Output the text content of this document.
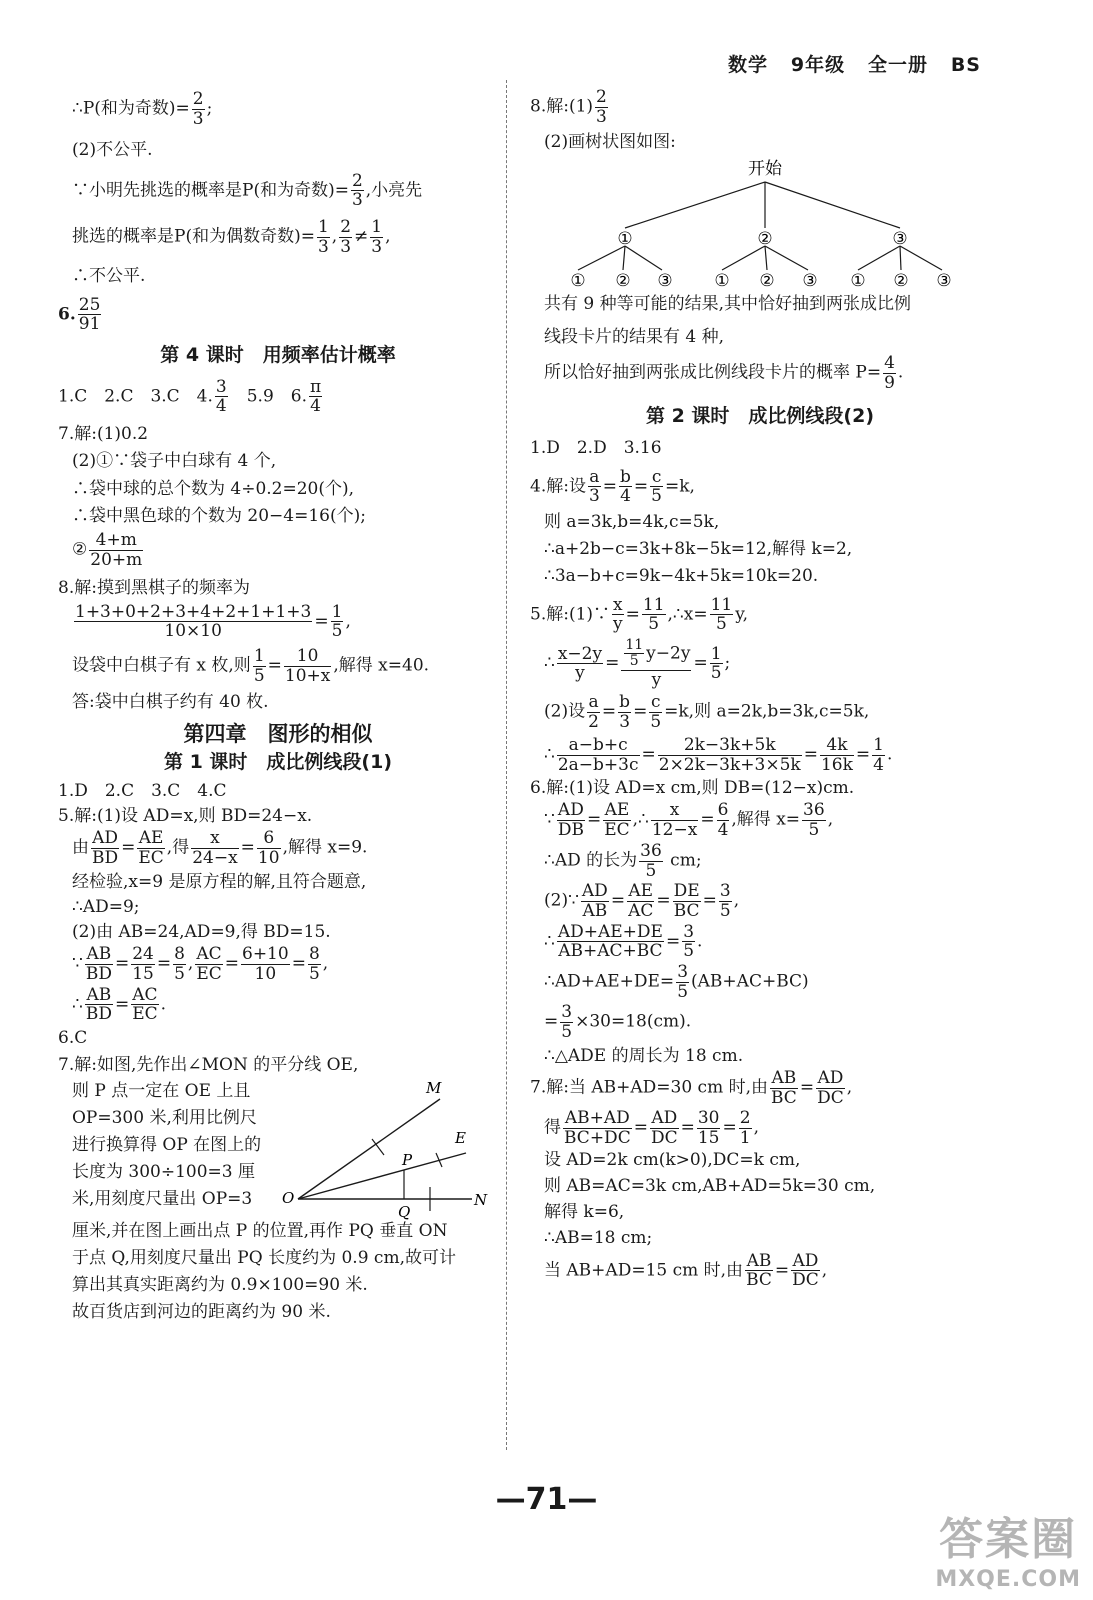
数学 9年级 全一册 BS
∴P(和为奇数)= $\frac{2}{3}$ ;
(2)不公平.
∵小明先挑选的概率是P(和为奇数)= $\frac{2}{3}$ ,小亮先
挑选的概率是P(和为偶数奇数)= $\frac{1}{3}$ , $\frac{2}{3} \ne \frac{1}{3}$ ,
∴不公平.
6. $\frac{25}{91}$
第 4 课时　用频率估计概率
1.C　2.C　3.C　4. $\frac{3}{4}$ 　5.9　6. $\frac{\pi}{4}$
7.解:(1)0.2
(2)①∵袋子中白球有 4 个,
∴袋中球的总个数为 4÷0.2=20(个),
∴袋中黑色球的个数为 20−4=16(个);
② $\frac{4+m}{20+m}$
8.解:摸到黑棋子的频率为
$\frac{1+3+0+2+3+4+2+1+1+3}{10\times 10} = \frac{1}{5}$ ,
设袋中白棋子有 x 枚,则 $\frac{1}{5} = \frac{10}{10+x}$ ,解得 x=40.
答:袋中白棋子约有 40 枚.
第四章　图形的相似
第 1 课时　成比例线段(1)
1.D　2.C　3.C　4.C
5.解:(1)设 AD=x,则 BD=24−x.
由 $\frac{AD}{BD} = \frac{AE}{EC}$ ,得 $\frac{x}{24-x} = \frac{6}{10}$ ,解得 x=9.
经检验,x=9 是原方程的解,且符合题意,
∴AD=9;
(2)由 AB=24,AD=9,得 BD=15.
∵ $\frac{AB}{BD} = \frac{24}{15} = \frac{8}{5}$ , $\frac{AC}{EC} = \frac{6+10}{10} = \frac{8}{5}$ ,
∴ $\frac{AB}{BD} = \frac{AC}{EC}$ .
6.C
7.解:如图,先作出∠MON 的平分线 OE,
则 P 点一定在 OE 上且
OP=300 米,利用比例尺
进行换算得 OP 在图上的
长度为 300÷100=3 厘
米,用刻度尺量出 OP=3
M
E
P
O
Q
N
厘米,并在图上画出点 P 的位置,再作 PQ 垂直 ON
于点 Q,用刻度尺量出 PQ 长度约为 0.9 cm,故可计
算出其真实距离约为 0.9×100=90 米.
故百货店到河边的距离约为 90 米.
8.解:(1) $\frac{2}{3}$
(2)画树状图如图:
开始
①	②	③
① ② ③ ① ② ③ ① ② ③
共有 9 种等可能的结果,其中恰好抽到两张成比例
线段卡片的结果有 4 种,
所以恰好抽到两张成比例线段卡片的概率 $P= \frac{4}{9}$ .
第 2 课时　成比例线段(2)
1.D　2.D　3.16
4.解:设 $\frac{a}{3} = \frac{b}{4} = \frac{c}{5} =k$,
则 a=3k,b=4k,c=5k,
∴a+2b−c=3k+8k−5k=12,解得 k=2,
∴3a−b+c=9k−4k+5k=10k=20.
5.解:(1)∵ $\frac{x}{y} = \frac{11}{5}$ ,∴x= $\frac{11}{5} y$,
∴ $\frac{x-2y}{y} = \frac{\frac{11}{5} y-2y}{y} = \frac{1}{5}$ ;
(2)设 $\frac{a}{2} = \frac{b}{3} = \frac{c}{5} =k$,则 a=2k,b=3k,c=5k,
∴ $\frac{a-b+c}{2a-b+3c} = \frac{2k-3k+5k}{2\times 2k-3k+3\times 5k} = \frac{4k}{16k} = \frac{1}{4}$ .
6.解:(1)设 AD=x cm,则 DB=(12−x)cm.
∵ $\frac{AD}{DB} = \frac{AE}{EC}$ ,∴ $\frac{x}{12-x} = \frac{6}{4}$ ,解得 $x= \frac{36}{5}$ ,
∴AD 的长为 $\frac{36}{5}$ cm;
(2)∵ $\frac{AD}{AB} = \frac{AE}{AC} = \frac{DE}{BC} = \frac{3}{5}$ ,
∴ $\frac{AD+AE+DE}{AB+AC+BC} = \frac{3}{5}$ .
∴AD+AE+DE= $\frac{3}{5} (AB+AC+BC)$
= $\frac{3}{5} \times 30=18(cm)$.
∴△ADE 的周长为 18 cm.
7.解:当 AB+AD=30 cm 时,由 $\frac{AB}{BC} = \frac{AD}{DC}$ ,
得 $\frac{AB+AD}{BC+DC} = \frac{AD}{DC} = \frac{30}{15} = \frac{2}{1}$ ,
设 AD=2k cm(k>0),DC=k cm,
则 AB=AC=3k cm,AB+AD=5k=30 cm,
解得 k=6,
∴AB=18 cm;
当 AB+AD=15 cm 时,由 $\frac{AB}{BC} = \frac{AD}{DC}$ ,
—71—
答案圈
MXQE.COM
